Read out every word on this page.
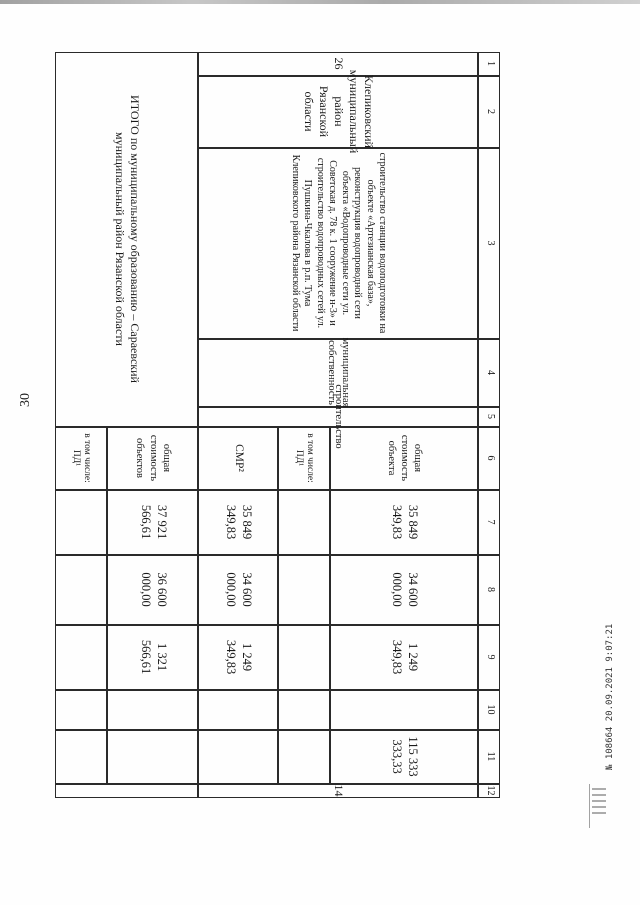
30
1
2
3
4
5
6
7
8
9
10
11
12
26
Клепиковский муниципальный район Рязанской области
строительство станции водоподготовки на объекте «Артезианская база», реконструкция водопроводной сети объекта «Водопроводные сети ул. Советская д. 78 к. 1 сооружение н-3» и строительство водопроводных сетей ул. Пушкина-Чкалова в р.п. Тума Клепиковского района Рязанской области
муниципальная собственность
строительство
общая стоимость объекта
в том числе: ПД¹
СМР²
35 849 349,83
35 849 349,83
34 600 000,00
34 600 000,00
1 249 349,83
1 249 349,83
115 333 333,33
14
ИТОГО по муниципальному образованию – Сараевский муниципальный район Рязанской области
общая стоимость объектов
в том числе: ПД¹
37 921 566,61
36 600 000,00
1 321 566,61	№ 108664 20.09.2021 9:07:21
